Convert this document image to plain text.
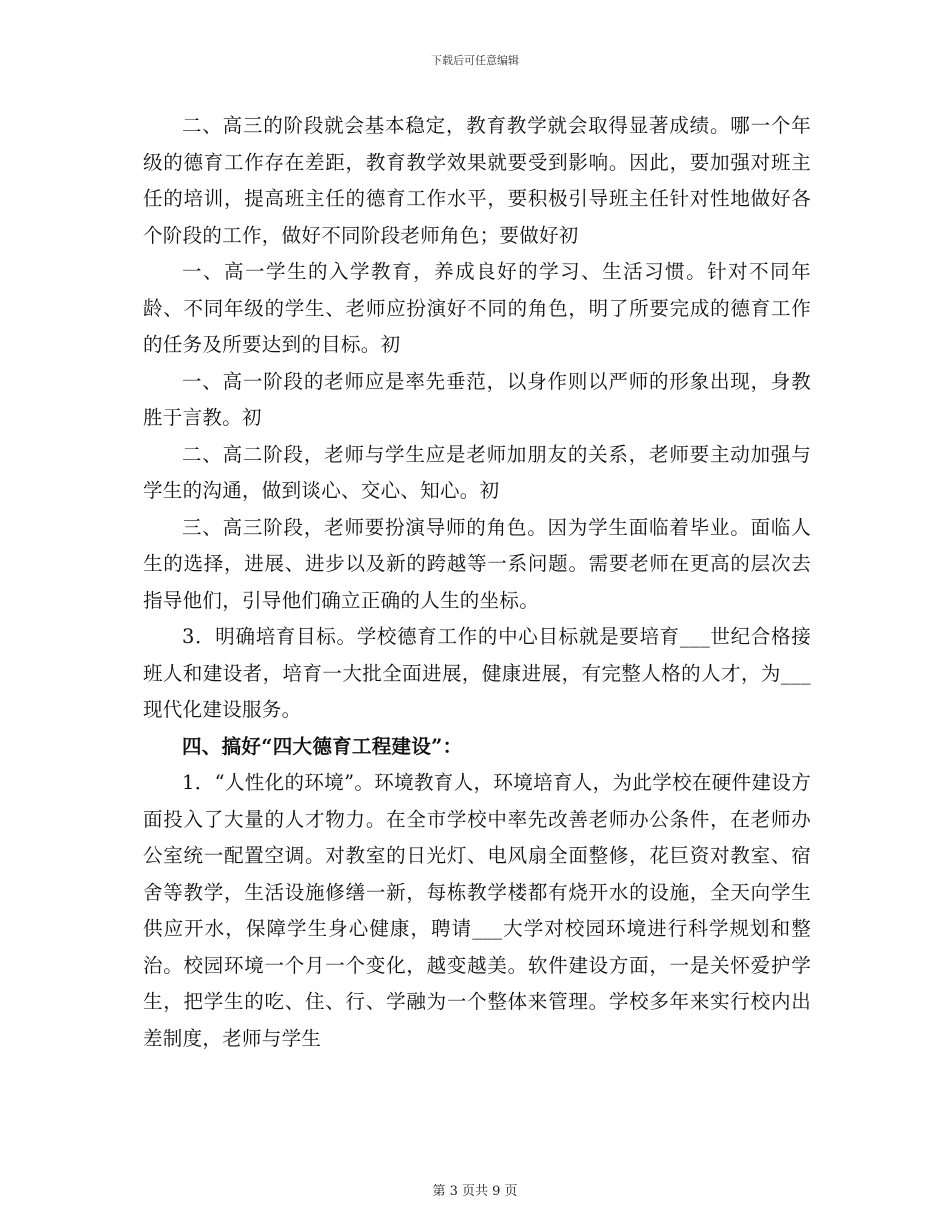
下载后可任意编辑

二、高三的阶段就会基本稳定，教育教学就会取得显著成绩。哪一个年级的德育工作存在差距，教育教学效果就要受到影响。因此，要加强对班主任的培训，提高班主任的德育工作水平，要积极引导班主任针对性地做好各个阶段的工作，做好不同阶段老师角色；要做好初

一、高一学生的入学教育，养成良好的学习、生活习惯。针对不同年龄、不同年级的学生、老师应扮演好不同的角色，明了所要完成的德育工作的任务及所要达到的目标。初

一、高一阶段的老师应是率先垂范，以身作则以严师的形象出现，身教胜于言教。初

二、高二阶段，老师与学生应是老师加朋友的关系，老师要主动加强与学生的沟通，做到谈心、交心、知心。初

三、高三阶段，老师要扮演导师的角色。因为学生面临着毕业。面临人生的选择，进展、进步以及新的跨越等一系问题。需要老师在更高的层次去指导他们，引导他们确立正确的人生的坐标。

3．明确培育目标。学校德育工作的中心目标就是要培育___世纪合格接班人和建设者，培育一大批全面进展，健康进展，有完整人格的人才，为___现代化建设服务。

四、搞好“四大德育工程建设”：

1．“人性化的环境”。环境教育人，环境培育人，为此学校在硬件建设方面投入了大量的人才物力。在全市学校中率先改善老师办公条件，在老师办公室统一配置空调。对教室的日光灯、电风扇全面整修，花巨资对教室、宿舍等教学，生活设施修缮一新，每栋教学楼都有烧开水的设施，全天向学生供应开水，保障学生身心健康，聘请___大学对校园环境进行科学规划和整治。校园环境一个月一个变化，越变越美。软件建设方面，一是关怀爱护学生，把学生的吃、住、行、学融为一个整体来管理。学校多年来实行校内出差制度，老师与学生

第 3 页共 9 页
